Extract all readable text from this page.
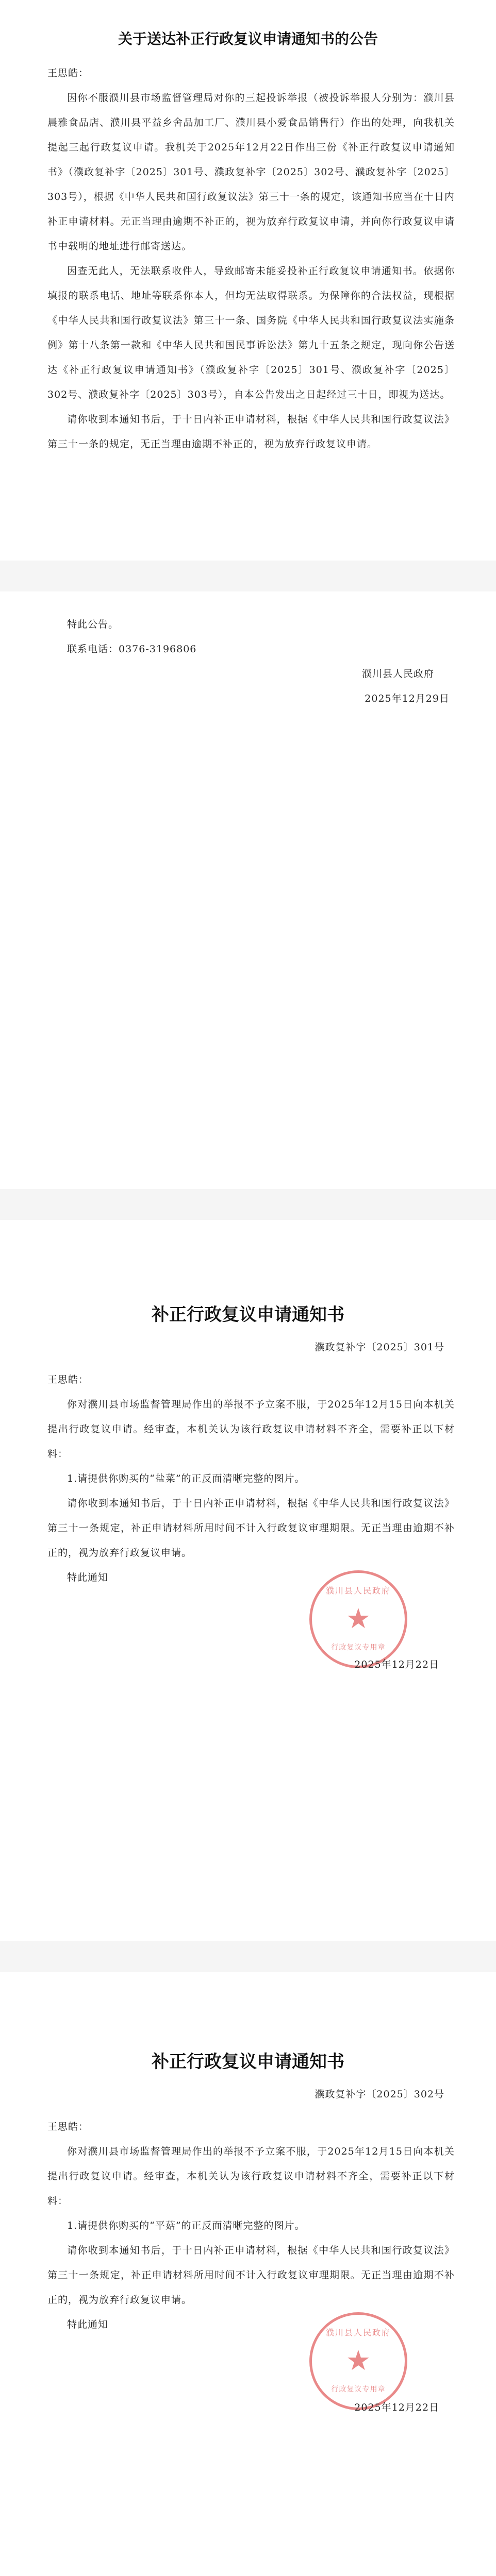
关于送达补正行政复议申请通知书的公告

王思皓：

因你不服濮川县市场监督管理局对你的三起投诉举报（被投诉举报人分别为：濮川县晨雅食品店、濮川县平益乡舍品加工厂、濮川县小爱食品销售行）作出的处理，向我机关提起三起行政复议申请。我机关于2025年12月22日作出三份《补正行政复议申请通知书》（濮政复补字〔2025〕301号、濮政复补字〔2025〕302号、濮政复补字〔2025〕303号），根据《中华人民共和国行政复议法》第三十一条的规定，该通知书应当在十日内补正申请材料。无正当理由逾期不补正的，视为放弃行政复议申请，并向你行政复议申请书中载明的地址进行邮寄送达。

因查无此人，无法联系收件人，导致邮寄未能妥投补正行政复议申请通知书。依据你填报的联系电话、地址等联系你本人，但均无法取得联系。为保障你的合法权益，现根据《中华人民共和国行政复议法》第三十一条、国务院《中华人民共和国行政复议法实施条例》第十八条第一款和《中华人民共和国民事诉讼法》第九十五条之规定，现向你公告送达《补正行政复议申请通知书》（濮政复补字〔2025〕301号、濮政复补字〔2025〕302号、濮政复补字〔2025〕303号），自本公告发出之日起经过三十日，即视为送达。

请你收到本通知书后，于十日内补正申请材料，根据《中华人民共和国行政复议法》第三十一条的规定，无正当理由逾期不补正的，视为放弃行政复议申请。

特此公告。

联系电话：0376-3196806

濮川县人民政府

2025年12月29日

补正行政复议申请通知书
濮政复补字〔2025〕301号

王思皓：

你对濮川县市场监督管理局作出的举报不予立案不服，于2025年12月15日向本机关提出行政复议申请。经审查，本机关认为该行政复议申请材料不齐全，需要补正以下材料：

1.请提供你购买的“盐菜”的正反面清晰完整的图片。

请你收到本通知书后，于十日内补正申请材料，根据《中华人民共和国行政复议法》第三十一条规定，补正申请材料所用时间不计入行政复议审理期限。无正当理由逾期不补正的，视为放弃行政复议申请。

特此通知

濮川县人民政府
★
行政复议专用章
2025年12月22日
补正行政复议申请通知书
濮政复补字〔2025〕302号

王思皓：

你对濮川县市场监督管理局作出的举报不予立案不服，于2025年12月15日向本机关提出行政复议申请。经审查，本机关认为该行政复议申请材料不齐全，需要补正以下材料：

1.请提供你购买的“平菇”的正反面清晰完整的图片。

请你收到本通知书后，于十日内补正申请材料，根据《中华人民共和国行政复议法》第三十一条规定，补正申请材料所用时间不计入行政复议审理期限。无正当理由逾期不补正的，视为放弃行政复议申请。

特此通知

濮川县人民政府
★
行政复议专用章
2025年12月22日
